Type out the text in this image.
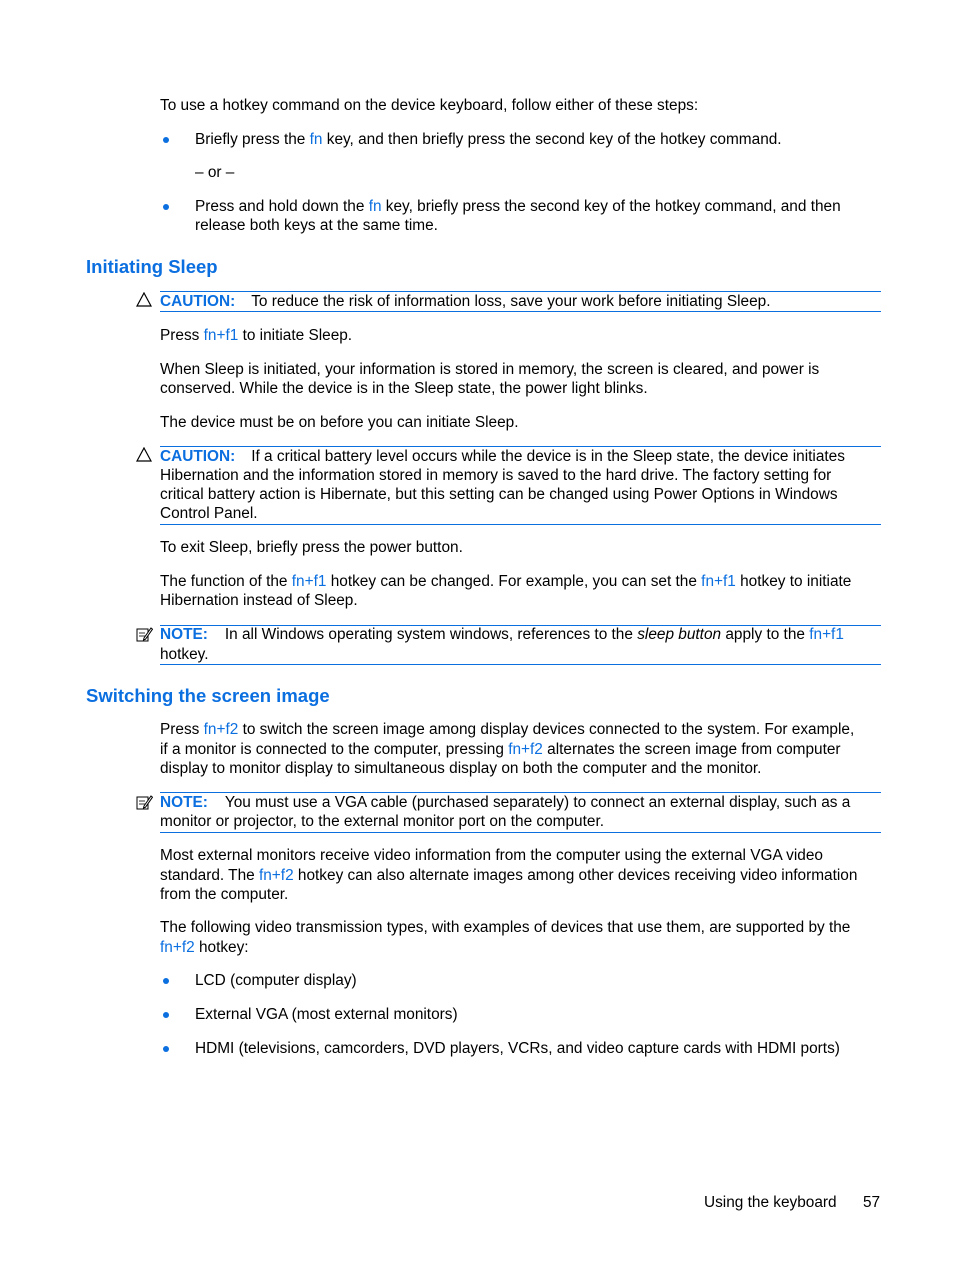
To use a hotkey command on the device keyboard, follow either of these steps:
Briefly press the fn key, and then briefly press the second key of the hotkey command.
– or –
Press and hold down the fn key, briefly press the second key of the hotkey command, and then
release both keys at the same time.
Initiating Sleep
CAUTION: To reduce the risk of information loss, save your work before initiating Sleep.
Press fn+f1 to initiate Sleep.
When Sleep is initiated, your information is stored in memory, the screen is cleared, and power is
conserved. While the device is in the Sleep state, the power light blinks.
The device must be on before you can initiate Sleep.
CAUTION: If a critical battery level occurs while the device is in the Sleep state, the device initiates
Hibernation and the information stored in memory is saved to the hard drive. The factory setting for
critical battery action is Hibernate, but this setting can be changed using Power Options in Windows
Control Panel.
To exit Sleep, briefly press the power button.
The function of the fn+f1 hotkey can be changed. For example, you can set the fn+f1 hotkey to initiate
Hibernation instead of Sleep.
NOTE: In all Windows operating system windows, references to the sleep button apply to the fn+f1
hotkey.
Switching the screen image
Press fn+f2 to switch the screen image among display devices connected to the system. For example,
if a monitor is connected to the computer, pressing fn+f2 alternates the screen image from computer
display to monitor display to simultaneous display on both the computer and the monitor.
NOTE: You must use a VGA cable (purchased separately) to connect an external display, such as a
monitor or projector, to the external monitor port on the computer.
Most external monitors receive video information from the computer using the external VGA video
standard. The fn+f2 hotkey can also alternate images among other devices receiving video information
from the computer.
The following video transmission types, with examples of devices that use them, are supported by the
fn+f2 hotkey:
LCD (computer display)
External VGA (most external monitors)
HDMI (televisions, camcorders, DVD players, VCRs, and video capture cards with HDMI ports)
Using the keyboard 57
